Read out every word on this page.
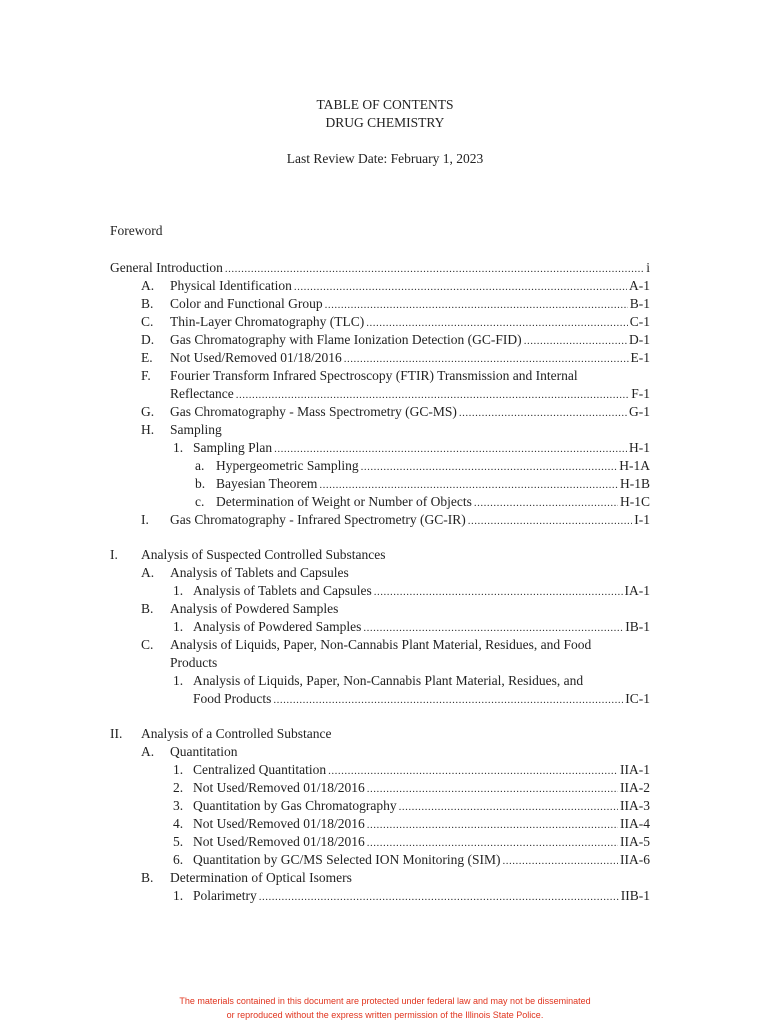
TABLE OF CONTENTS
DRUG CHEMISTRY
Last Review Date: February 1, 2023
Foreword
General Introduction .....	i
A. Physical Identification .....	A-1
B. Color and Functional Group .....	B-1
C. Thin-Layer Chromatography (TLC) .....	C-1
D. Gas Chromatography with Flame Ionization Detection (GC-FID) .....	D-1
E. Not Used/Removed 01/18/2016 .....	E-1
F. Fourier Transform Infrared Spectroscopy (FTIR) Transmission and Internal
Reflectance .....	F-1
G. Gas Chromatography - Mass Spectrometry (GC-MS) .....	G-1
H. Sampling
1. Sampling Plan .....	H-1
a. Hypergeometric Sampling .....	H-1A
b. Bayesian Theorem .....	H-1B
c. Determination of Weight or Number of Objects .....	H-1C
I. Gas Chromatography - Infrared Spectrometry (GC-IR) .....	I-1
I. Analysis of Suspected Controlled Substances
A. Analysis of Tablets and Capsules
1. Analysis of Tablets and Capsules .....	IA-1
B. Analysis of Powdered Samples
1. Analysis of Powdered Samples .....	IB-1
C. Analysis of Liquids, Paper, Non-Cannabis Plant Material, Residues, and Food
Products
1. Analysis of Liquids, Paper, Non-Cannabis Plant Material, Residues, and
Food Products .....	IC-1
II. Analysis of a Controlled Substance
A. Quantitation
1. Centralized Quantitation .....	IIA-1
2. Not Used/Removed 01/18/2016 .....	IIA-2
3. Quantitation by Gas Chromatography .....	IIA-3
4. Not Used/Removed 01/18/2016 .....	IIA-4
5. Not Used/Removed 01/18/2016 .....	IIA-5
6. Quantitation by GC/MS Selected ION Monitoring (SIM) .....	IIA-6
B. Determination of Optical Isomers
1. Polarimetry .....	IIB-1
The materials contained in this document are protected under federal law and may not be disseminated
or reproduced without the express written permission of the Illinois State Police.
